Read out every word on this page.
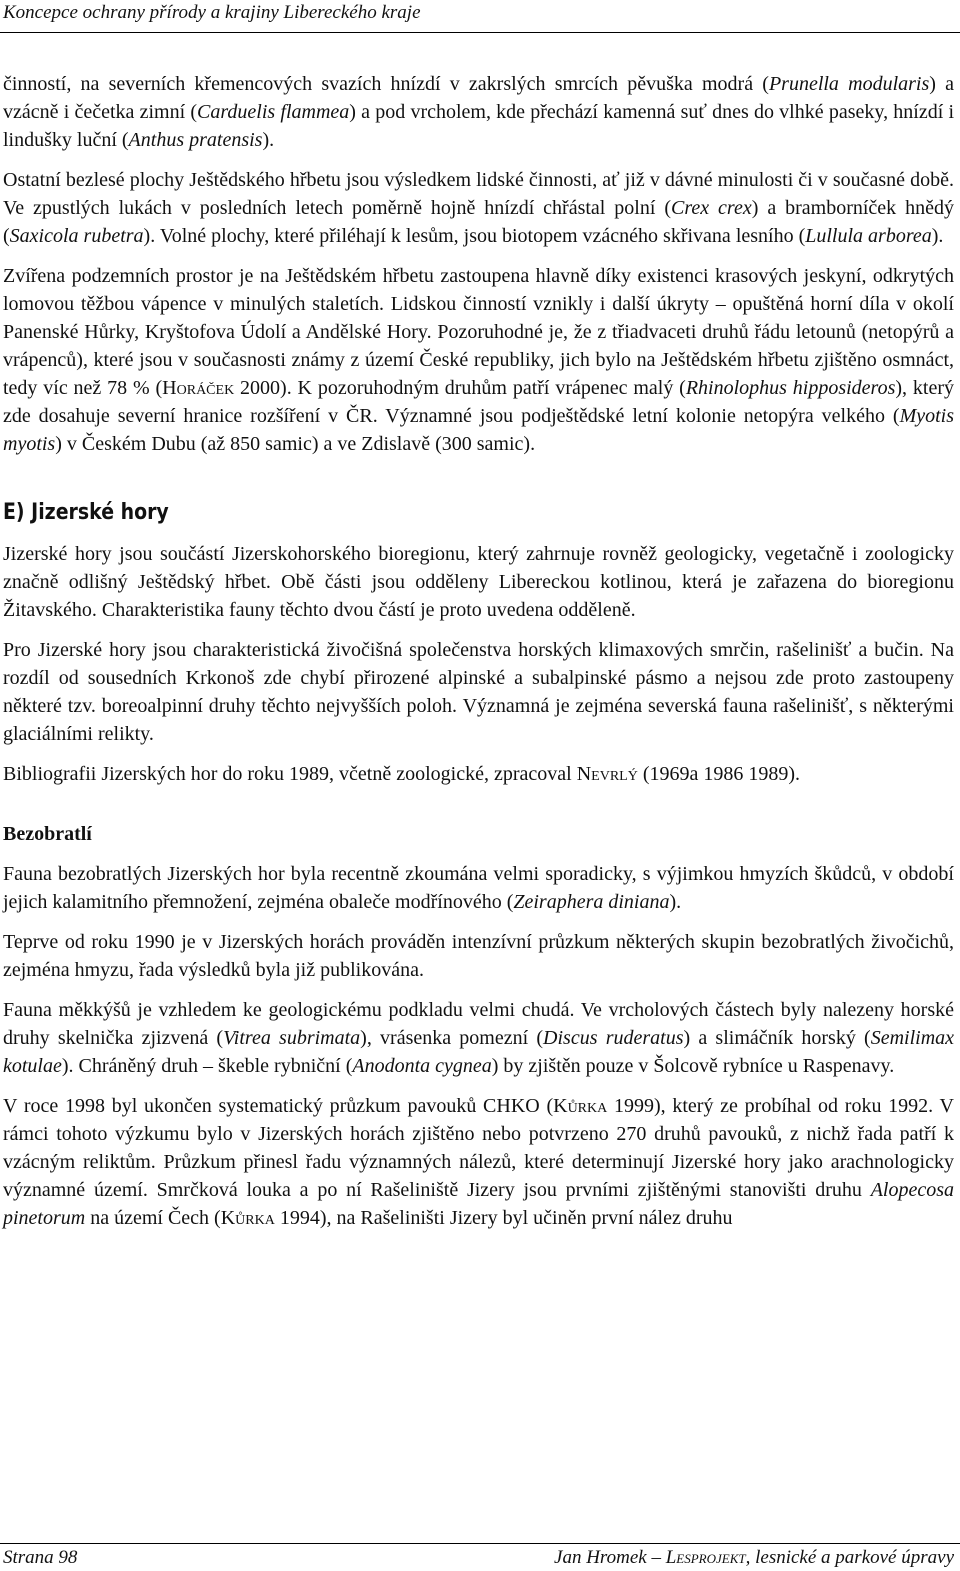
Koncepce ochrany přírody a krajiny Libereckého kraje

činností, na severních křemencových svazích hnízdí v zakrslých smrcích pěvuška modrá (Prunella modularis) a vzácně i čečetka zimní (Carduelis flammea) a pod vrcholem, kde přechází kamenná suť dnes do vlhké paseky, hnízdí i lindušky luční (Anthus pratensis).

Ostatní bezlesé plochy Ještědského hřbetu jsou výsledkem lidské činnosti, ať již v dávné minulosti či v současné době. Ve zpustlých lukách v posledních letech poměrně hojně hnízdí chřástal polní (Crex crex) a bramborníček hnědý (Saxicola rubetra). Volné plochy, které přiléhají k lesům, jsou biotopem vzácného skřivana lesního (Lullula arborea).

Zvířena podzemních prostor je na Ještědském hřbetu zastoupena hlavně díky existenci krasových jeskyní, odkrytých lomovou těžbou vápence v minulých staletích. Lidskou činností vznikly i další úkryty – opuštěná horní díla v okolí Panenské Hůrky, Kryštofova Údolí a Andělské Hory. Pozoruhodné je, že z třiadvaceti druhů řádu letounů (netopýrů a vrápenců), které jsou v současnosti známy z území České republiky, jich bylo na Ještědském hřbetu zjištěno osmnáct, tedy víc než 78 % (Horáček 2000). K pozoruhodným druhům patří vrápenec malý (Rhinolophus hipposideros), který zde dosahuje severní hranice rozšíření v ČR. Významné jsou podještědské letní kolonie netopýra velkého (Myotis myotis) v Českém Dubu (až 850 samic) a ve Zdislavě (300 samic).

E) Jizerské hory

Jizerské hory jsou součástí Jizerskohorského bioregionu, který zahrnuje rovněž geologicky, vegetačně i zoologicky značně odlišný Ještědský hřbet. Obě části jsou odděleny Libereckou kotlinou, která je zařazena do bioregionu Žitavského. Charakteristika fauny těchto dvou částí je proto uvedena odděleně.

Pro Jizerské hory jsou charakteristická živočišná společenstva horských klimaxových smrčin, rašelinišť a bučin. Na rozdíl od sousedních Krkonoš zde chybí přirozené alpinské a subalpinské pásmo a nejsou zde proto zastoupeny některé tzv. boreoalpinní druhy těchto nejvyšších poloh. Významná je zejména severská fauna rašelinišť, s některými glaciálními relikty.

Bibliografii Jizerských hor do roku 1989, včetně zoologické, zpracoval Nevrlý (1969a 1986 1989).

Bezobratlí

Fauna bezobratlých Jizerských hor byla recentně zkoumána velmi sporadicky, s výjimkou hmyzích škůdců, v období jejich kalamitního přemnožení, zejména obaleče modřínového (Zeiraphera diniana).

Teprve od roku 1990 je v Jizerských horách prováděn intenzívní průzkum některých skupin bezobratlých živočichů, zejména hmyzu, řada výsledků byla již publikována.

Fauna měkkýšů je vzhledem ke geologickému podkladu velmi chudá. Ve vrcholových částech byly nalezeny horské druhy skelnička zjizvená (Vitrea subrimata), vrásenka pomezní (Discus ruderatus) a slimáčník horský (Semilimax kotulae). Chráněný druh – škeble rybniční (Anodonta cygnea) by zjištěn pouze v Šolcově rybníce u Raspenavy.

V roce 1998 byl ukončen systematický průzkum pavouků CHKO (Kůrka 1999), který ze probíhal od roku 1992. V rámci tohoto výzkumu bylo v Jizerských horách zjištěno nebo potvrzeno 270 druhů pavouků, z nichž řada patří k vzácným reliktům. Průzkum přinesl řadu významných nálezů, které determinují Jizerské hory jako arachnologicky významné území. Smrčková louka a po ní Rašeliniště Jizery jsou prvními zjištěnými stanovišti druhu Alopecosa pinetorum na území Čech (Kůrka 1994), na Rašeliništi Jizery byl učiněn první nález druhu

Strana 98	Jan Hromek – Lesprojekt, lesnické a parkové úpravy
